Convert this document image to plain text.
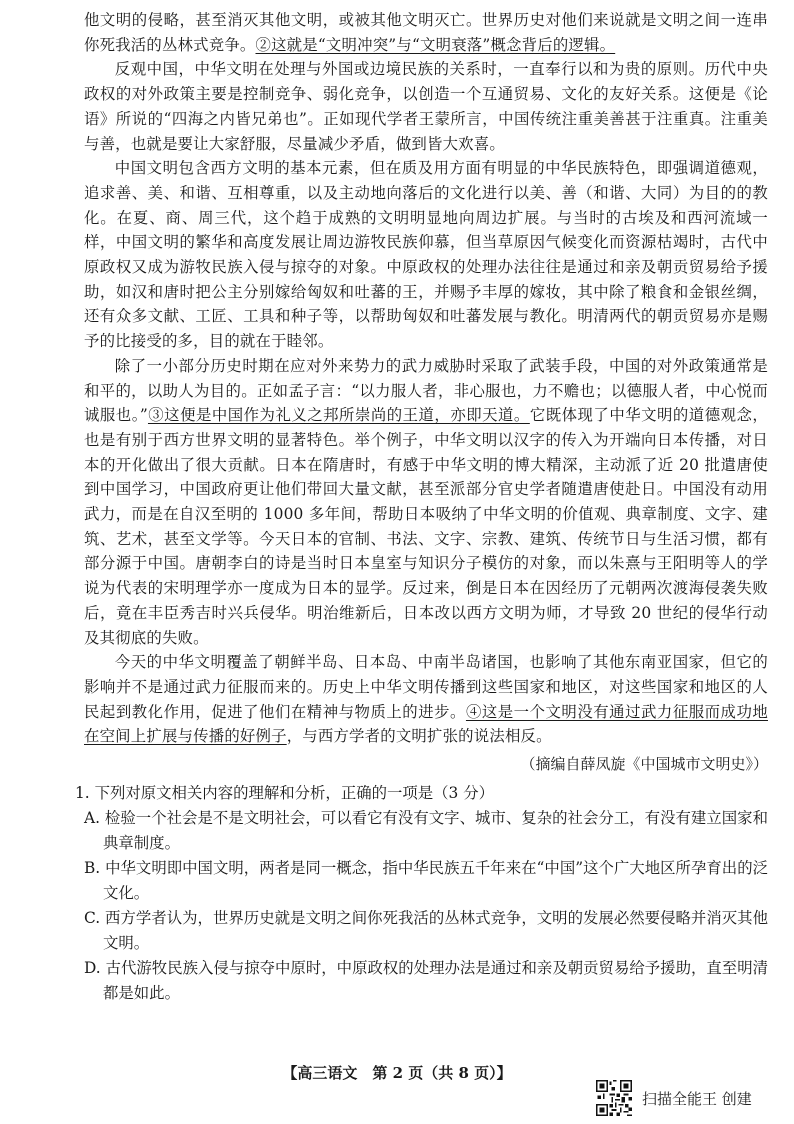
他文明的侵略，甚至消灭其他文明，或被其他文明灭亡。世界历史对他们来说就是文明之间一连串你死我活的丛林式竞争。②这就是“文明冲突”与“文明衰落”概念背后的逻辑。

反观中国，中华文明在处理与外国或边境民族的关系时，一直奉行以和为贵的原则。历代中央政权的对外政策主要是控制竞争、弱化竞争，以创造一个互通贸易、文化的友好关系。这便是《论语》所说的“四海之内皆兄弟也”。正如现代学者王蒙所言，中国传统注重美善甚于注重真。注重美与善，也就是要让大家舒服，尽量减少矛盾，做到皆大欢喜。

中国文明包含西方文明的基本元素，但在质及用方面有明显的中华民族特色，即强调道德观，追求善、美、和谐、互相尊重，以及主动地向落后的文化进行以美、善（和谐、大同）为目的的教化。在夏、商、周三代，这个趋于成熟的文明明显地向周边扩展。与当时的古埃及和西河流域一样，中国文明的繁华和高度发展让周边游牧民族仰慕，但当草原因气候变化而资源枯竭时，古代中原政权又成为游牧民族入侵与掠夺的对象。中原政权的处理办法往往是通过和亲及朝贡贸易给予援助，如汉和唐时把公主分别嫁给匈奴和吐蕃的王，并赐予丰厚的嫁妆，其中除了粮食和金银丝绸，还有众多文献、工匠、工具和种子等，以帮助匈奴和吐蕃发展与教化。明清两代的朝贡贸易亦是赐予的比接受的多，目的就在于睦邻。

除了一小部分历史时期在应对外来势力的武力威胁时采取了武装手段，中国的对外政策通常是和平的，以助人为目的。正如孟子言：“以力服人者，非心服也，力不赡也；以德服人者，中心悦而诚服也。”③这便是中国作为礼义之邦所崇尚的王道，亦即天道。它既体现了中华文明的道德观念，也是有别于西方世界文明的显著特色。举个例子，中华文明以汉字的传入为开端向日本传播，对日本的开化做出了很大贡献。日本在隋唐时，有感于中华文明的博大精深，主动派了近 20 批遣唐使到中国学习，中国政府更让他们带回大量文献，甚至派部分官史学者随遣唐使赴日。中国没有动用武力，而是在自汉至明的 1000 多年间，帮助日本吸纳了中华文明的价值观、典章制度、文字、建筑、艺术，甚至文学等。今天日本的官制、书法、文字、宗教、建筑、传统节日与生活习惯，都有部分源于中国。唐朝李白的诗是当时日本皇室与知识分子模仿的对象，而以朱熹与王阳明等人的学说为代表的宋明理学亦一度成为日本的显学。反过来，倒是日本在因经历了元朝两次渡海侵袭失败后，竟在丰臣秀吉时兴兵侵华。明治维新后，日本改以西方文明为师，才导致 20 世纪的侵华行动及其彻底的失败。

今天的中华文明覆盖了朝鲜半岛、日本岛、中南半岛诸国，也影响了其他东南亚国家，但它的影响并不是通过武力征服而来的。历史上中华文明传播到这些国家和地区，对这些国家和地区的人民起到教化作用，促进了他们在精神与物质上的进步。④这是一个文明没有通过武力征服而成功地在空间上扩展与传播的好例子，与西方学者的文明扩张的说法相反。

（摘编自薛凤旋《中国城市文明史》）

1. 下列对原文相关内容的理解和分析，正确的一项是（3 分）

A. 检验一个社会是不是文明社会，可以看它有没有文字、城市、复杂的社会分工，有没有建立国家和典章制度。

B. 中华文明即中国文明，两者是同一概念，指中华民族五千年来在“中国”这个广大地区所孕育出的泛文化。

C. 西方学者认为，世界历史就是文明之间你死我活的丛林式竞争，文明的发展必然要侵略并消灭其他文明。

D. 古代游牧民族入侵与掠夺中原时，中原政权的处理办法是通过和亲及朝贡贸易给予援助，直至明清都是如此。

【高三语文　第 2 页（共 8 页）】
扫描全能王 创建
